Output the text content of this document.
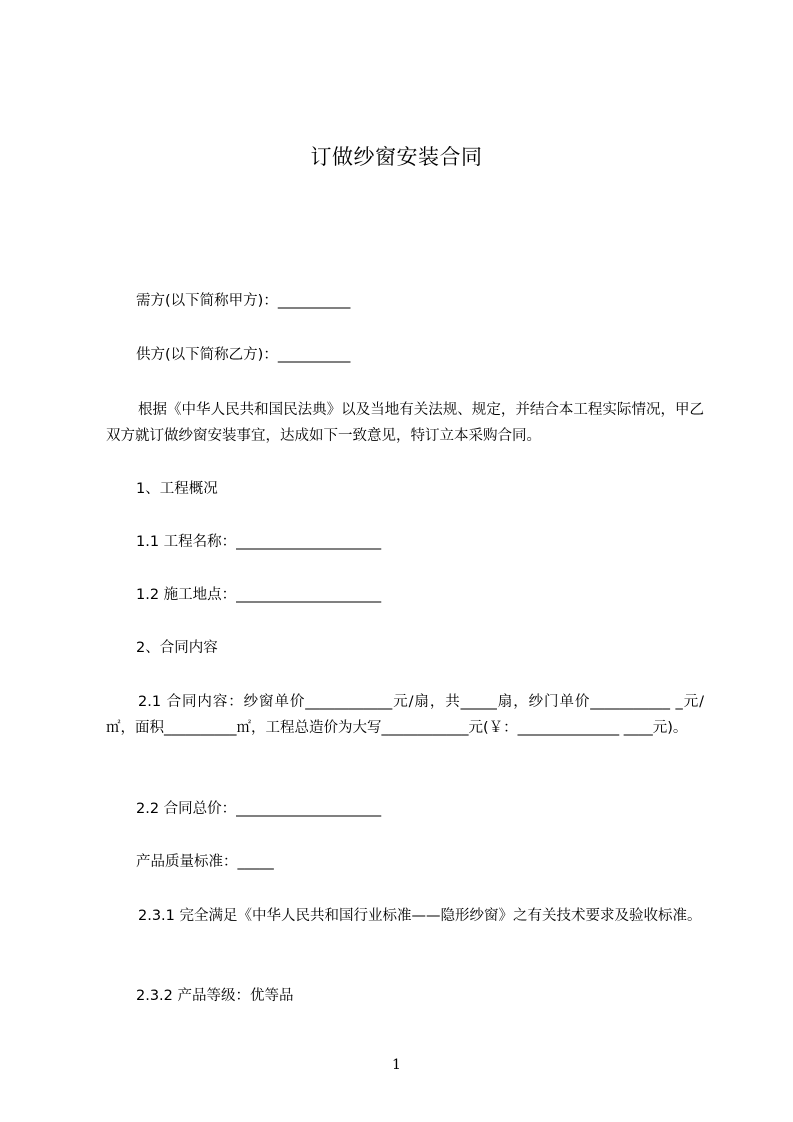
订做纱窗安装合同
需方(以下简称甲方)：__________
供方(以下简称乙方)：__________
根据《中华人民共和国民法典》以及当地有关法规、规定，并结合本工程实际情况，甲乙双方就订做纱窗安装事宜，达成如下一致意见，特订立本采购合同。
1、工程概况
1.1 工程名称：____________________
1.2 施工地点：____________________
2、合同内容
2.1 合同内容：纱窗单价____________元/扇，共_____扇，纱门单价___________ _元/㎡，面积__________㎡，工程总造价为大写____________元(￥：______________ ____元)。
2.2 合同总价：____________________
产品质量标准：_____
2.3.1 完全满足《中华人民共和国行业标准——隐形纱窗》之有关技术要求及验收标准。
2.3.2 产品等级：优等品
1
